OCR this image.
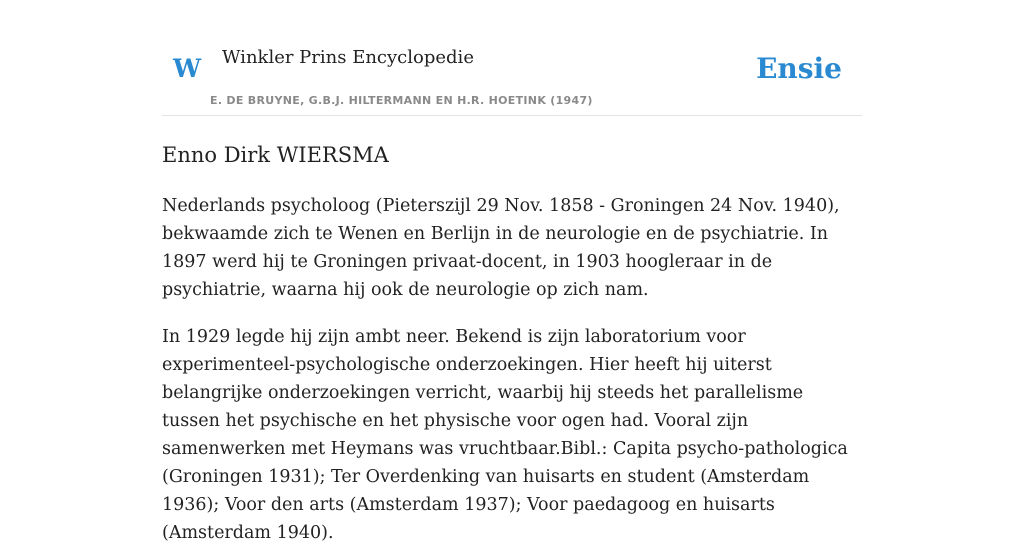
W Winkler Prins Encyclopedie
E. DE BRUYNE, G.B.J. HILTERMANN EN H.R. HOETINK (1947)
Ensie
Enno Dirk WIERSMA

Nederlands psycholoog (Pieterszijl 29 Nov. 1858 - Groningen 24 Nov. 1940), bekwaamde zich te Wenen en Berlijn in de neurologie en de psychiatrie. In 1897 werd hij te Groningen privaat-docent, in 1903 hoogleraar in de psychiatrie, waarna hij ook de neurologie op zich nam.

In 1929 legde hij zijn ambt neer. Bekend is zijn laboratorium voor experimenteel-psychologische onderzoekingen. Hier heeft hij uiterst belangrijke onderzoekingen verricht, waarbij hij steeds het parallelisme tussen het psychische en het physische voor ogen had. Vooral zijn samenwerken met Heymans was vruchtbaar.Bibl.: Capita psycho-pathologica (Groningen 1931); Ter Overdenking van huisarts en student (Amsterdam 1936); Voor den arts (Amsterdam 1937); Voor paedagoog en huisarts (Amsterdam 1940).
